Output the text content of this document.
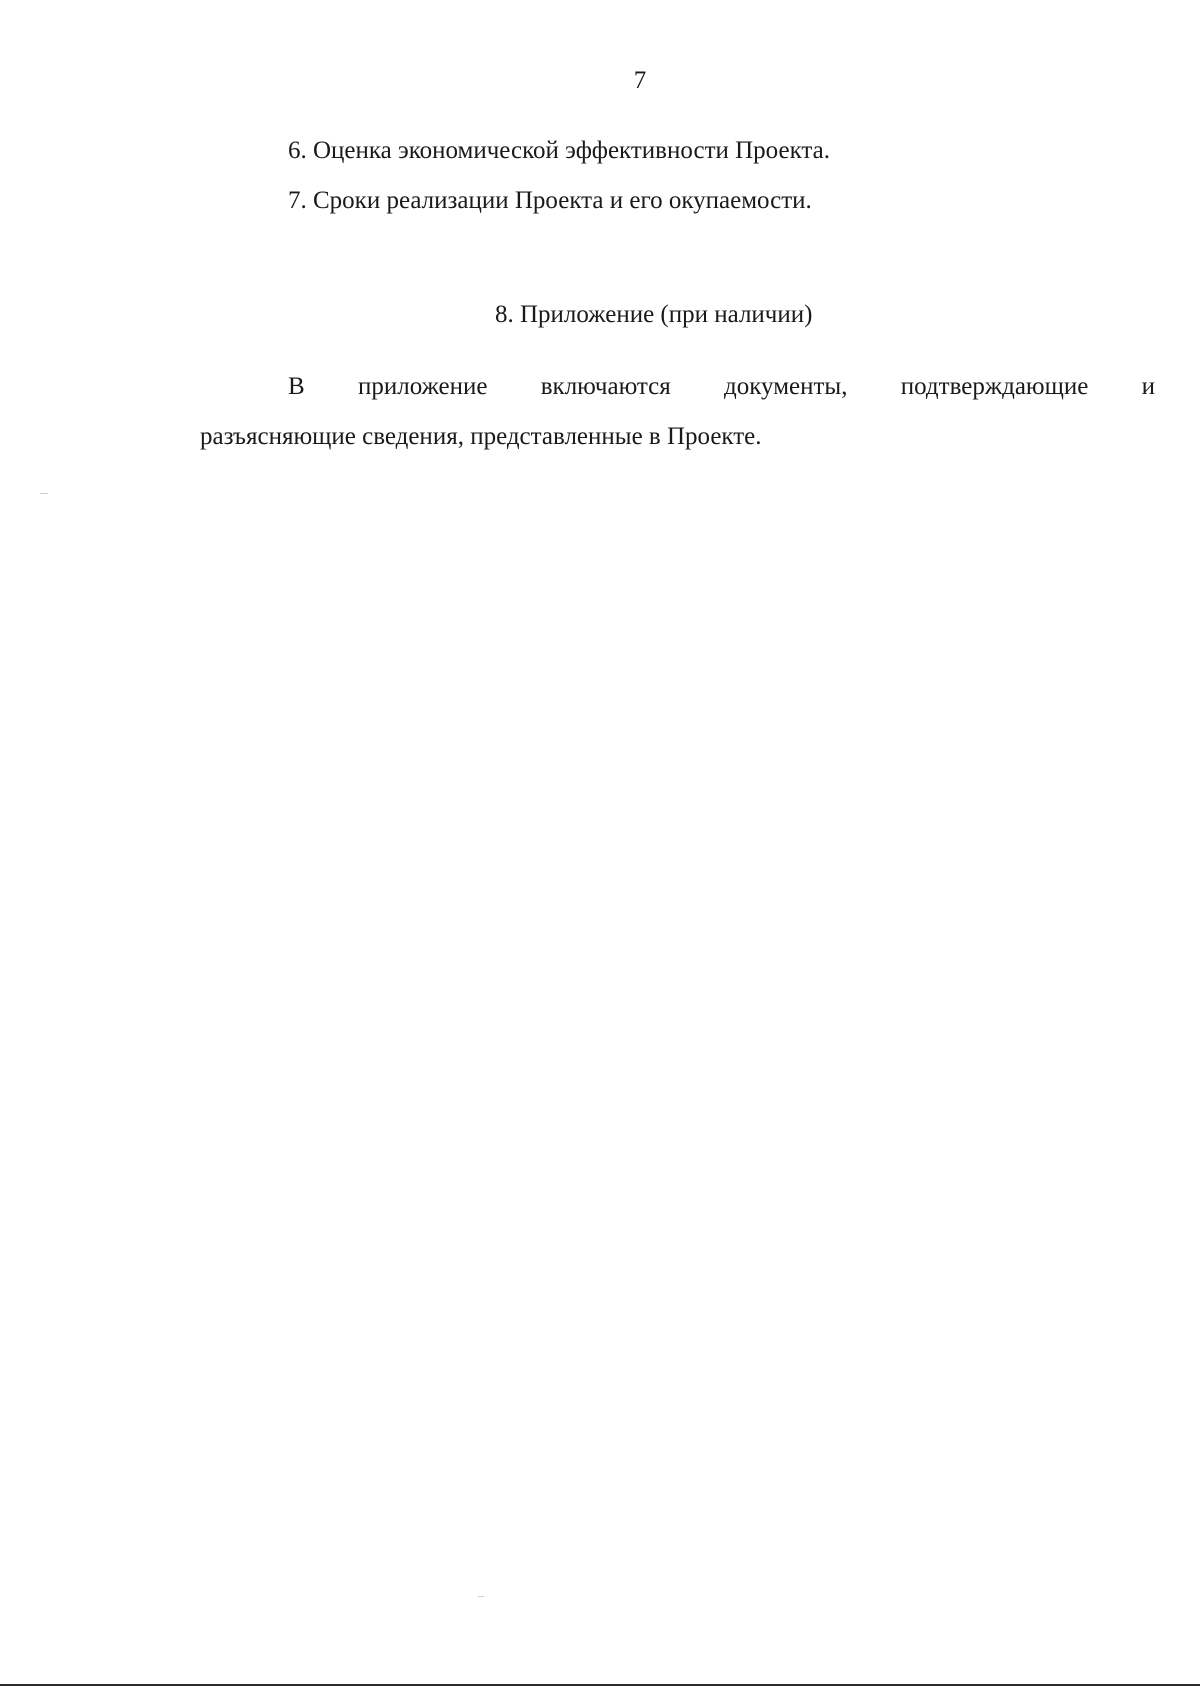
7
6. Оценка экономической эффективности Проекта.
7. Сроки реализации Проекта и его окупаемости.
8. Приложение (при наличии)
В приложение включаются документы, подтверждающие и
разъясняющие сведения, представленные в Проекте.
